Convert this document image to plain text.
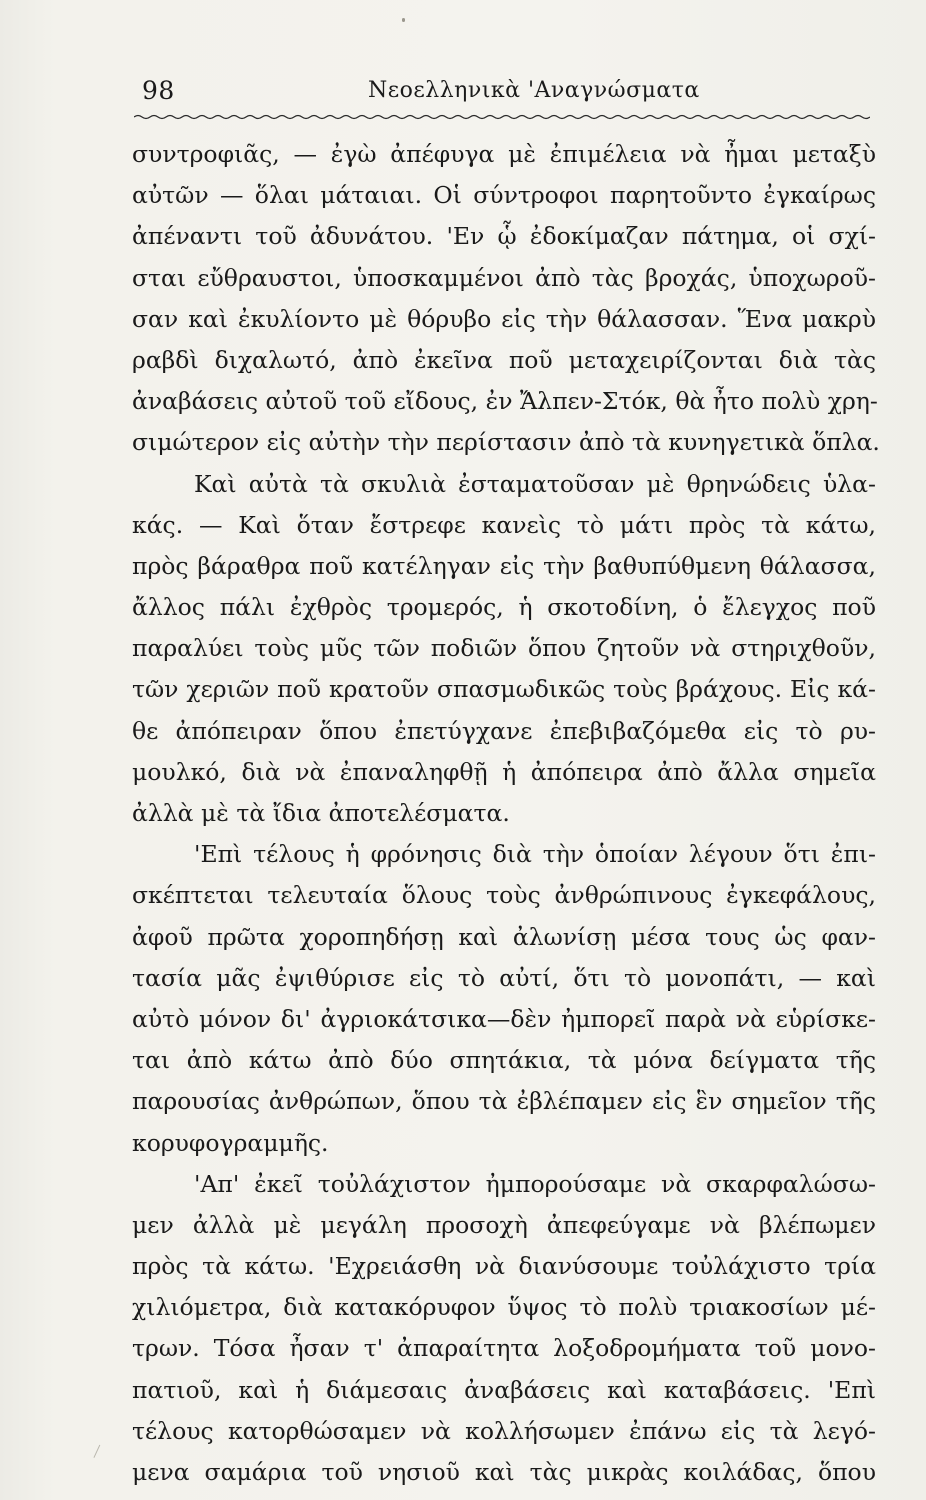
98	Νεοελληνικὰ 'Αναγνώσματα
συντροφιᾶς, — ἐγὼ ἀπέφυγα μὲ ἐπιμέλεια νὰ ἦμαι μεταξὺ
αὐτῶν — ὅλαι μάταιαι. Οἱ σύντροφοι παρητοῦντο ἐγκαίρως
ἀπέναντι τοῦ ἀδυνάτου. 'Εν ᾧ ἐδοκίμαζαν πάτημα, οἱ σχί-
σται εὔθραυστοι, ὑποσκαμμένοι ἀπὸ τὰς βροχάς, ὑποχωροῦ-
σαν καὶ ἐκυλίοντο μὲ θόρυβο εἰς τὴν θάλασσαν. Ἕνα μακρὺ
ραβδὶ διχαλωτό, ἀπὸ ἐκεῖνα ποῦ μεταχειρίζονται διὰ τὰς
ἀναβάσεις αὐτοῦ τοῦ εἴδους, ἐν Ἄλπεν-Στόκ, θὰ ἦτο πολὺ χρη-
σιμώτερον εἰς αὐτὴν τὴν περίστασιν ἀπὸ τὰ κυνηγετικὰ ὅπλα.
Καὶ αὐτὰ τὰ σκυλιὰ ἐσταματοῦσαν μὲ θρηνώδεις ὑλα-
κάς. — Καὶ ὅταν ἔστρεφε κανεὶς τὸ μάτι πρὸς τὰ κάτω,
πρὸς βάραθρα ποῦ κατέληγαν εἰς τὴν βαθυπύθμενη θάλασσα,
ἄλλος πάλι ἐχθρὸς τρομερός, ἡ σκοτοδίνη, ὁ ἔλεγχος ποῦ
παραλύει τοὺς μῦς τῶν ποδιῶν ὅπου ζητοῦν νὰ στηριχθοῦν,
τῶν χεριῶν ποῦ κρατοῦν σπασμωδικῶς τοὺς βράχους. Εἰς κά-
θε ἀπόπειραν ὅπου ἐπετύγχανε ἐπεβιβαζόμεθα εἰς τὸ ρυ-
μουλκό, διὰ νὰ ἐπαναληφθῇ ἡ ἀπόπειρα ἀπὸ ἄλλα σημεῖα
ἀλλὰ μὲ τὰ ἴδια ἀποτελέσματα.
'Επὶ τέλους ἡ φρόνησις διὰ τὴν ὁποίαν λέγουν ὅτι ἐπι-
σκέπτεται τελευταία ὅλους τοὺς ἀνθρώπινους ἐγκεφάλους,
ἀφοῦ πρῶτα χοροπηδήσῃ καὶ ἀλωνίσῃ μέσα τους ὡς φαν-
τασία μᾶς ἐψιθύρισε εἰς τὸ αὐτί, ὅτι τὸ μονοπάτι, — καὶ
αὐτὸ μόνον δι' ἀγριοκάτσικα—δὲν ἠμπορεῖ παρὰ νὰ εὑρίσκε-
ται ἀπὸ κάτω ἀπὸ δύο σπητάκια, τὰ μόνα δείγματα τῆς
παρουσίας ἀνθρώπων, ὅπου τὰ ἐβλέπαμεν εἰς ἓν σημεῖον τῆς
κορυφογραμμῆς.
'Απ' ἐκεῖ τοὐλάχιστον ἠμπορούσαμε νὰ σκαρφαλώσω-
μεν ἀλλὰ μὲ μεγάλη προσοχὴ ἀπεφεύγαμε νὰ βλέπωμεν
πρὸς τὰ κάτω. 'Εχρειάσθη νὰ διανύσουμε τοὐλάχιστο τρία
χιλιόμετρα, διὰ κατακόρυφον ὕψος τὸ πολὺ τριακοσίων μέ-
τρων. Τόσα ἦσαν τ' ἀπαραίτητα λοξοδρομήματα τοῦ μονο-
πατιοῦ, καὶ ἡ διάμεσαις ἀναβάσεις καὶ καταβάσεις. 'Επὶ
τέλους κατορθώσαμεν νὰ κολλήσωμεν ἐπάνω εἰς τὰ λεγό-
μενα σαμάρια τοῦ νησιοῦ καὶ τὰς μικρὰς κοιλάδας, ὅπου
